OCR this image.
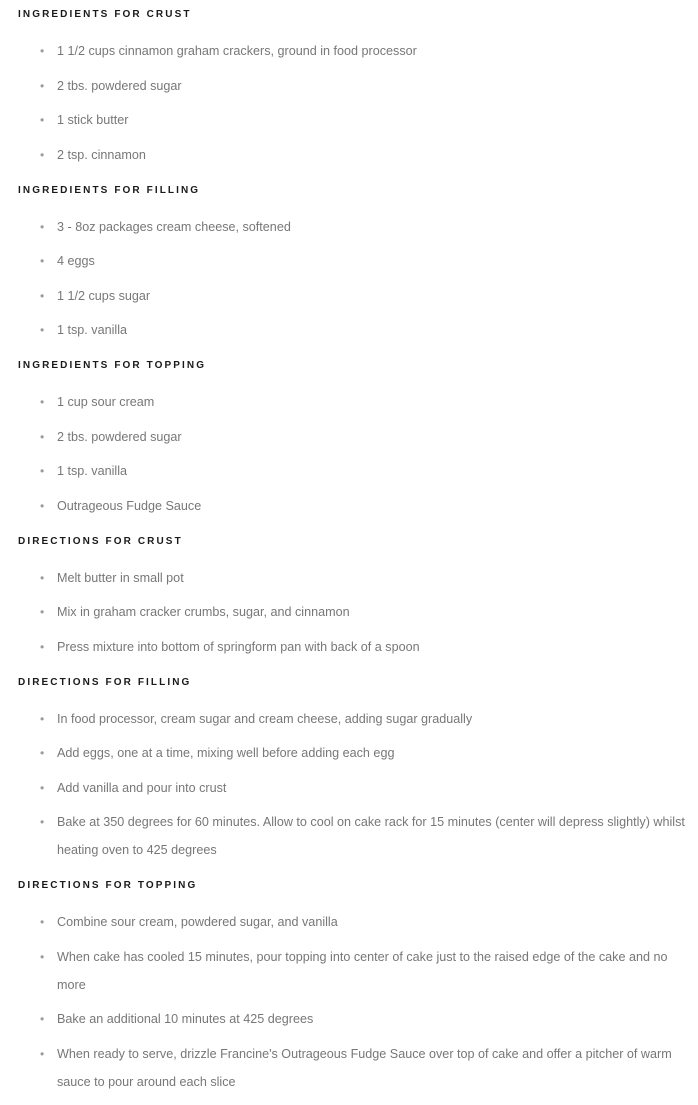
INGREDIENTS FOR CRUST
•	1 1/2 cups cinnamon graham crackers, ground in food processor
•	2 tbs. powdered sugar
•	1 stick butter
•	2 tsp. cinnamon
INGREDIENTS FOR FILLING
•	3 - 8oz packages cream cheese, softened
•	4 eggs
•	1 1/2 cups sugar
•	1 tsp. vanilla
INGREDIENTS FOR TOPPING
•	1 cup sour cream
•	2 tbs. powdered sugar
•	1 tsp. vanilla
•	Outrageous Fudge Sauce
DIRECTIONS FOR CRUST
•	Melt butter in small pot
•	Mix in graham cracker crumbs, sugar, and cinnamon
•	Press mixture into bottom of springform pan with back of a spoon
DIRECTIONS FOR FILLING
•	In food processor, cream sugar and cream cheese, adding sugar gradually
•	Add eggs, one at a time, mixing well before adding each egg
•	Add vanilla and pour into crust
•	Bake at 350 degrees for 60 minutes. Allow to cool on cake rack for 15 minutes (center will depress slightly) whilst heating oven to 425 degrees
DIRECTIONS FOR TOPPING
•	Combine sour cream, powdered sugar, and vanilla
•	When cake has cooled 15 minutes, pour topping into center of cake just to the raised edge of the cake and no more
•	Bake an additional 10 minutes at 425 degrees
•	When ready to serve, drizzle Francine's Outrageous Fudge Sauce over top of cake and offer a pitcher of warm sauce to pour around each slice
